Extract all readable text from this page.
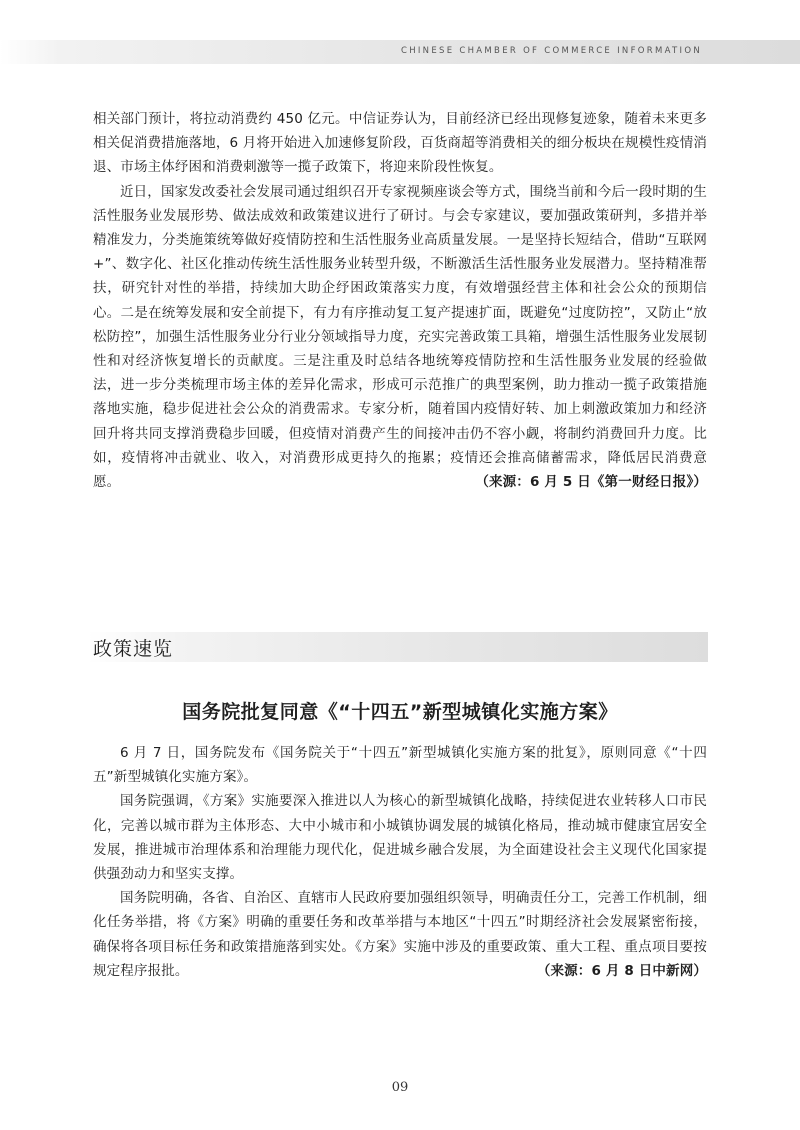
CHINESE CHAMBER OF COMMERCE INFORMATION

相关部门预计，将拉动消费约 450 亿元。中信证券认为，目前经济已经出现修复迹象，随着未来更多相关促消费措施落地，6 月将开始进入加速修复阶段，百货商超等消费相关的细分板块在规模性疫情消退、市场主体纾困和消费刺激等一揽子政策下，将迎来阶段性恢复。

近日，国家发改委社会发展司通过组织召开专家视频座谈会等方式，围绕当前和今后一段时期的生活性服务业发展形势、做法成效和政策建议进行了研讨。与会专家建议，要加强政策研判，多措并举精准发力，分类施策统筹做好疫情防控和生活性服务业高质量发展。一是坚持长短结合，借助“互联网 +”、数字化、社区化推动传统生活性服务业转型升级，不断激活生活性服务业发展潜力。坚持精准帮扶，研究针对性的举措，持续加大助企纾困政策落实力度，有效增强经营主体和社会公众的预期信心。二是在统筹发展和安全前提下，有力有序推动复工复产提速扩面，既避免“过度防控”，又防止“放松防控”，加强生活性服务业分行业分领域指导力度，充实完善政策工具箱，增强生活性服务业发展韧性和对经济恢复增长的贡献度。三是注重及时总结各地统筹疫情防控和生活性服务业发展的经验做法，进一步分类梳理市场主体的差异化需求，形成可示范推广的典型案例，助力推动一揽子政策措施落地实施，稳步促进社会公众的消费需求。专家分析，随着国内疫情好转、加上刺激政策加力和经济回升将共同支撑消费稳步回暖，但疫情对消费产生的间接冲击仍不容小觑，将制约消费回升力度。比如，疫情将冲击就业、收入，对消费形成更持久的拖累；疫情还会推高储蓄需求，降低居民消费意愿。	（来源：6 月 5 日《第一财经日报》）

政策速览
国务院批复同意《“十四五”新型城镇化实施方案》

6 月 7 日，国务院发布《国务院关于“十四五”新型城镇化实施方案的批复》，原则同意《“十四五”新型城镇化实施方案》。

国务院强调，《方案》实施要深入推进以人为核心的新型城镇化战略，持续促进农业转移人口市民化，完善以城市群为主体形态、大中小城市和小城镇协调发展的城镇化格局，推动城市健康宜居安全发展，推进城市治理体系和治理能力现代化，促进城乡融合发展，为全面建设社会主义现代化国家提供强劲动力和坚实支撑。

国务院明确，各省、自治区、直辖市人民政府要加强组织领导，明确责任分工，完善工作机制，细化任务举措，将《方案》明确的重要任务和改革举措与本地区“十四五”时期经济社会发展紧密衔接，确保将各项目标任务和政策措施落到实处。《方案》实施中涉及的重要政策、重大工程、重点项目要按规定程序报批。	（来源：6 月 8 日中新网）

09
